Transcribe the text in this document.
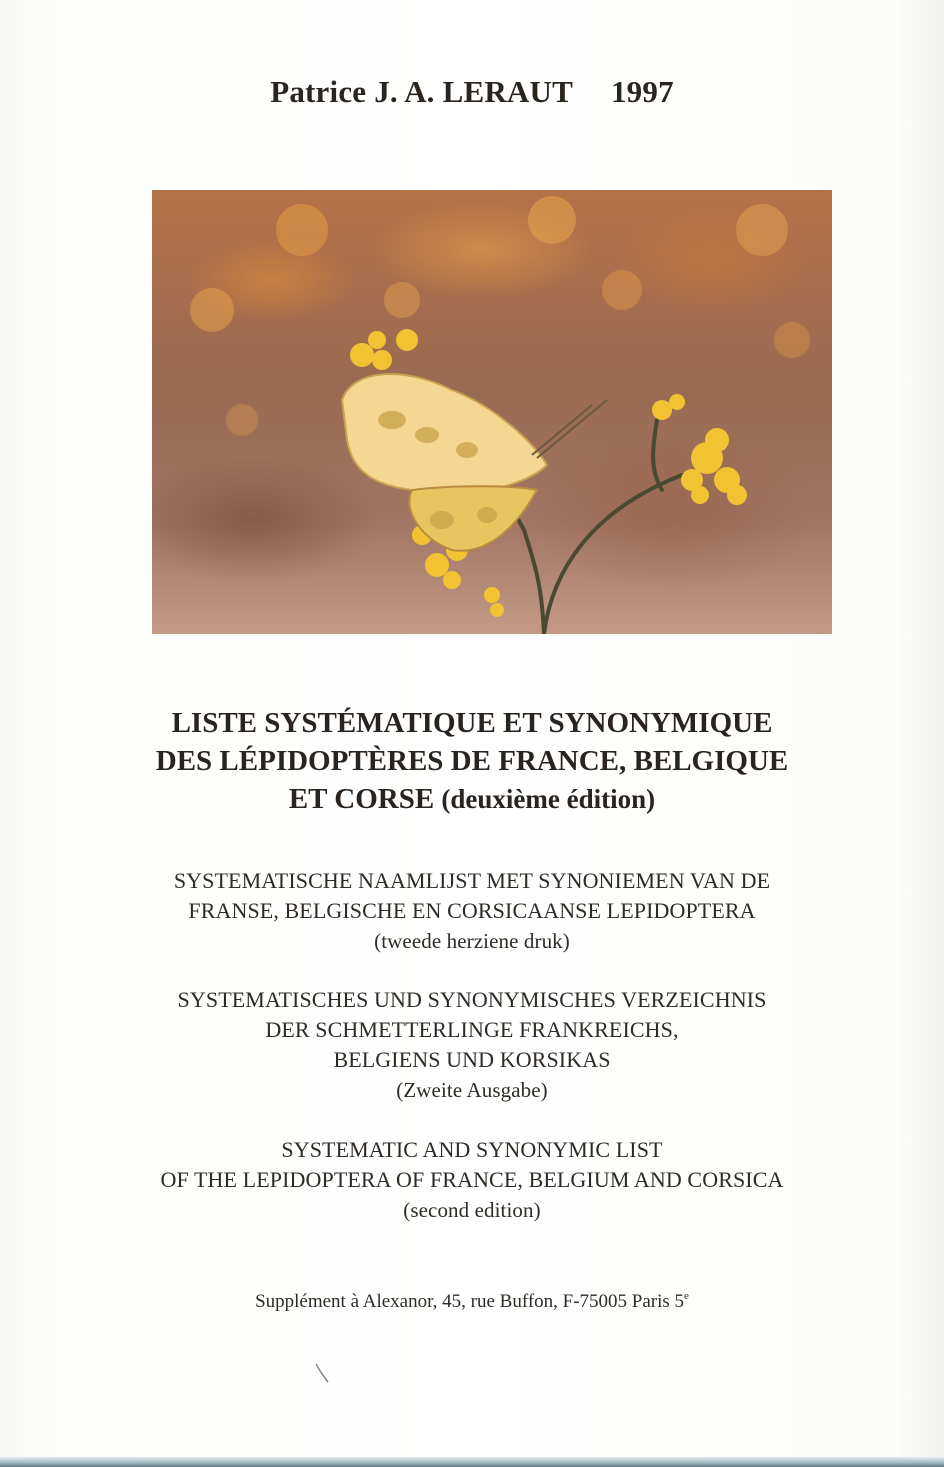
Patrice J. A. LERAUT 1997
LISTE SYSTÉMATIQUE ET SYNONYMIQUE
DES LÉPIDOPTÈRES DE FRANCE, BELGIQUE
ET CORSE (deuxième édition)
SYSTEMATISCHE NAAMLIJST MET SYNONIEMEN VAN DE
FRANSE, BELGISCHE EN CORSICAANSE LEPIDOPTERA
(tweede herziene druk)
SYSTEMATISCHES UND SYNONYMISCHES VERZEICHNIS
DER SCHMETTERLINGE FRANKREICHS,
BELGIENS UND KORSIKAS
(Zweite Ausgabe)
SYSTEMATIC AND SYNONYMIC LIST
OF THE LEPIDOPTERA OF FRANCE, BELGIUM AND CORSICA
(second edition)
Supplément à Alexanor, 45, rue Buffon, F-75005 Paris 5e
